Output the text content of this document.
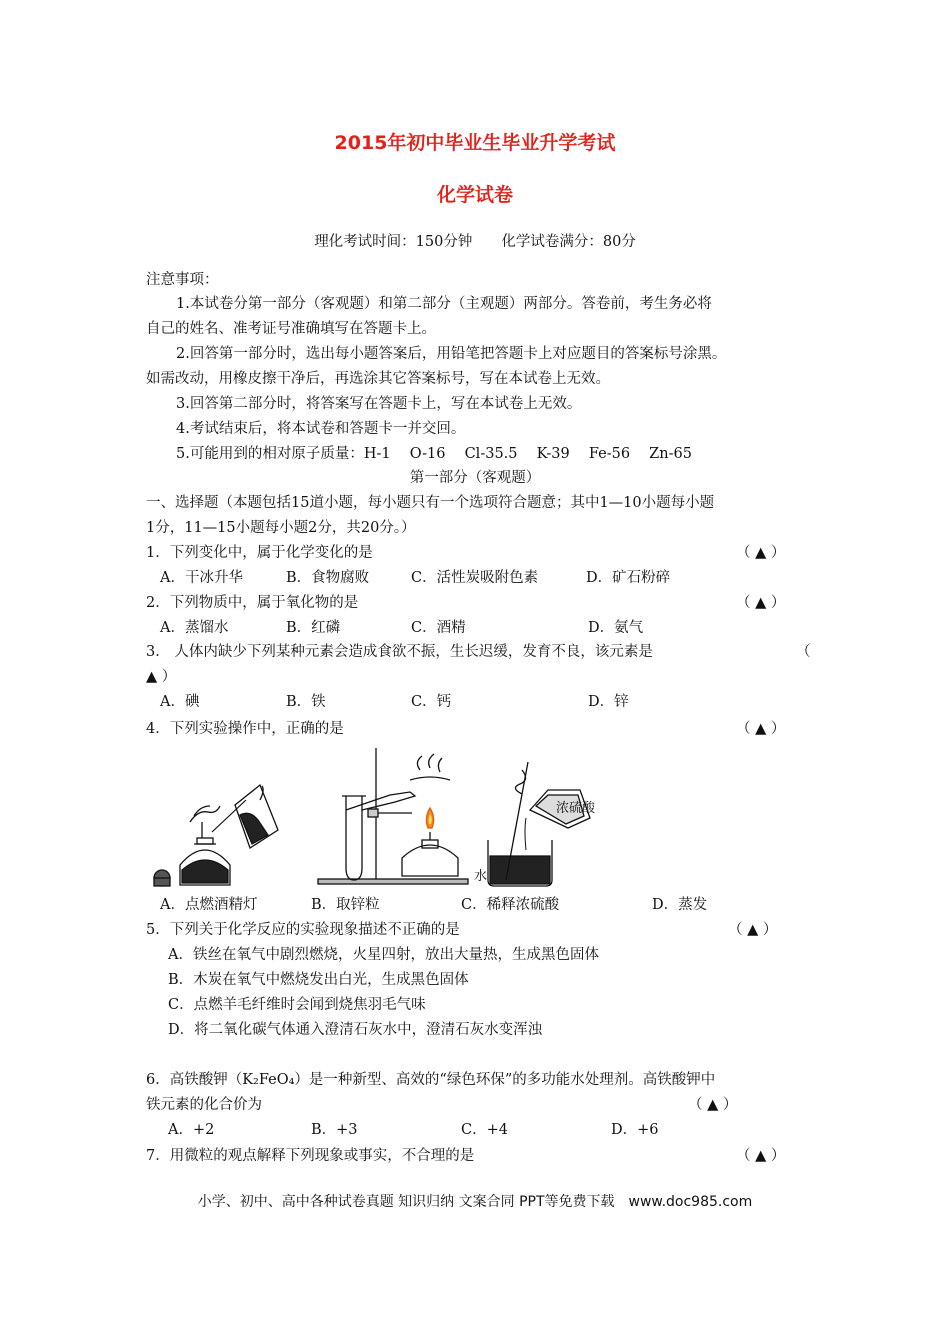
2015年初中毕业生毕业升学考试
化学试卷
理化考试时间：150分钟　　化学试卷满分：80分
注意事项：
1.本试卷分第一部分（客观题）和第二部分（主观题）两部分。答卷前，考生务必将
自己的姓名、准考证号准确填写在答题卡上。
2.回答第一部分时，选出每小题答案后，用铅笔把答题卡上对应题目的答案标号涂黑。
如需改动，用橡皮擦干净后，再选涂其它答案标号，写在本试卷上无效。
3.回答第二部分时，将答案写在答题卡上，写在本试卷上无效。
4.考试结束后，将本试卷和答题卡一并交回。
5.可能用到的相对原子质量：H-1　 O-16　 Cl-35.5　 K-39　 Fe-56　 Zn-65
第一部分（客观题）
一、选择题（本题包括15道小题，每小题只有一个选项符合题意；其中1—10小题每小题
1分，11—15小题每小题2分，共20分。）
1．下列变化中，属于化学变化的是	（ ▲ ）
A．干冰升华	B．食物腐败	C．活性炭吸附色素	D．矿石粉碎
2．下列物质中，属于氧化物的是	（ ▲ ）
A．蒸馏水	B．红磷	C．酒精	D．氨气
3． 人体内缺少下列某种元素会造成食欲不振，生长迟缓，发育不良，该元素是	（
▲ ）
A．碘	B．铁	C．钙	D．锌
4．下列实验操作中，正确的是	（ ▲ ）
浓硫酸
水
A．点燃酒精灯	B．取锌粒	C．稀释浓硫酸	D．蒸发
5．下列关于化学反应的实验现象描述不正确的是	（ ▲ ）
A．铁丝在氧气中剧烈燃烧，火星四射，放出大量热，生成黑色固体
B．木炭在氧气中燃烧发出白光，生成黑色固体
C．点燃羊毛纤维时会闻到烧焦羽毛气味
D．将二氧化碳气体通入澄清石灰水中，澄清石灰水变浑浊
6．高铁酸钾（K₂FeO₄）是一种新型、高效的“绿色环保”的多功能水处理剂。高铁酸钾中
铁元素的化合价为	（ ▲ ）
A．+2	B．+3	C．+4	D．+6
7．用微粒的观点解释下列现象或事实，不合理的是	（ ▲ ）
小学、初中、高中各种试卷真题 知识归纳 文案合同 PPT等免费下载　www.doc985.com
